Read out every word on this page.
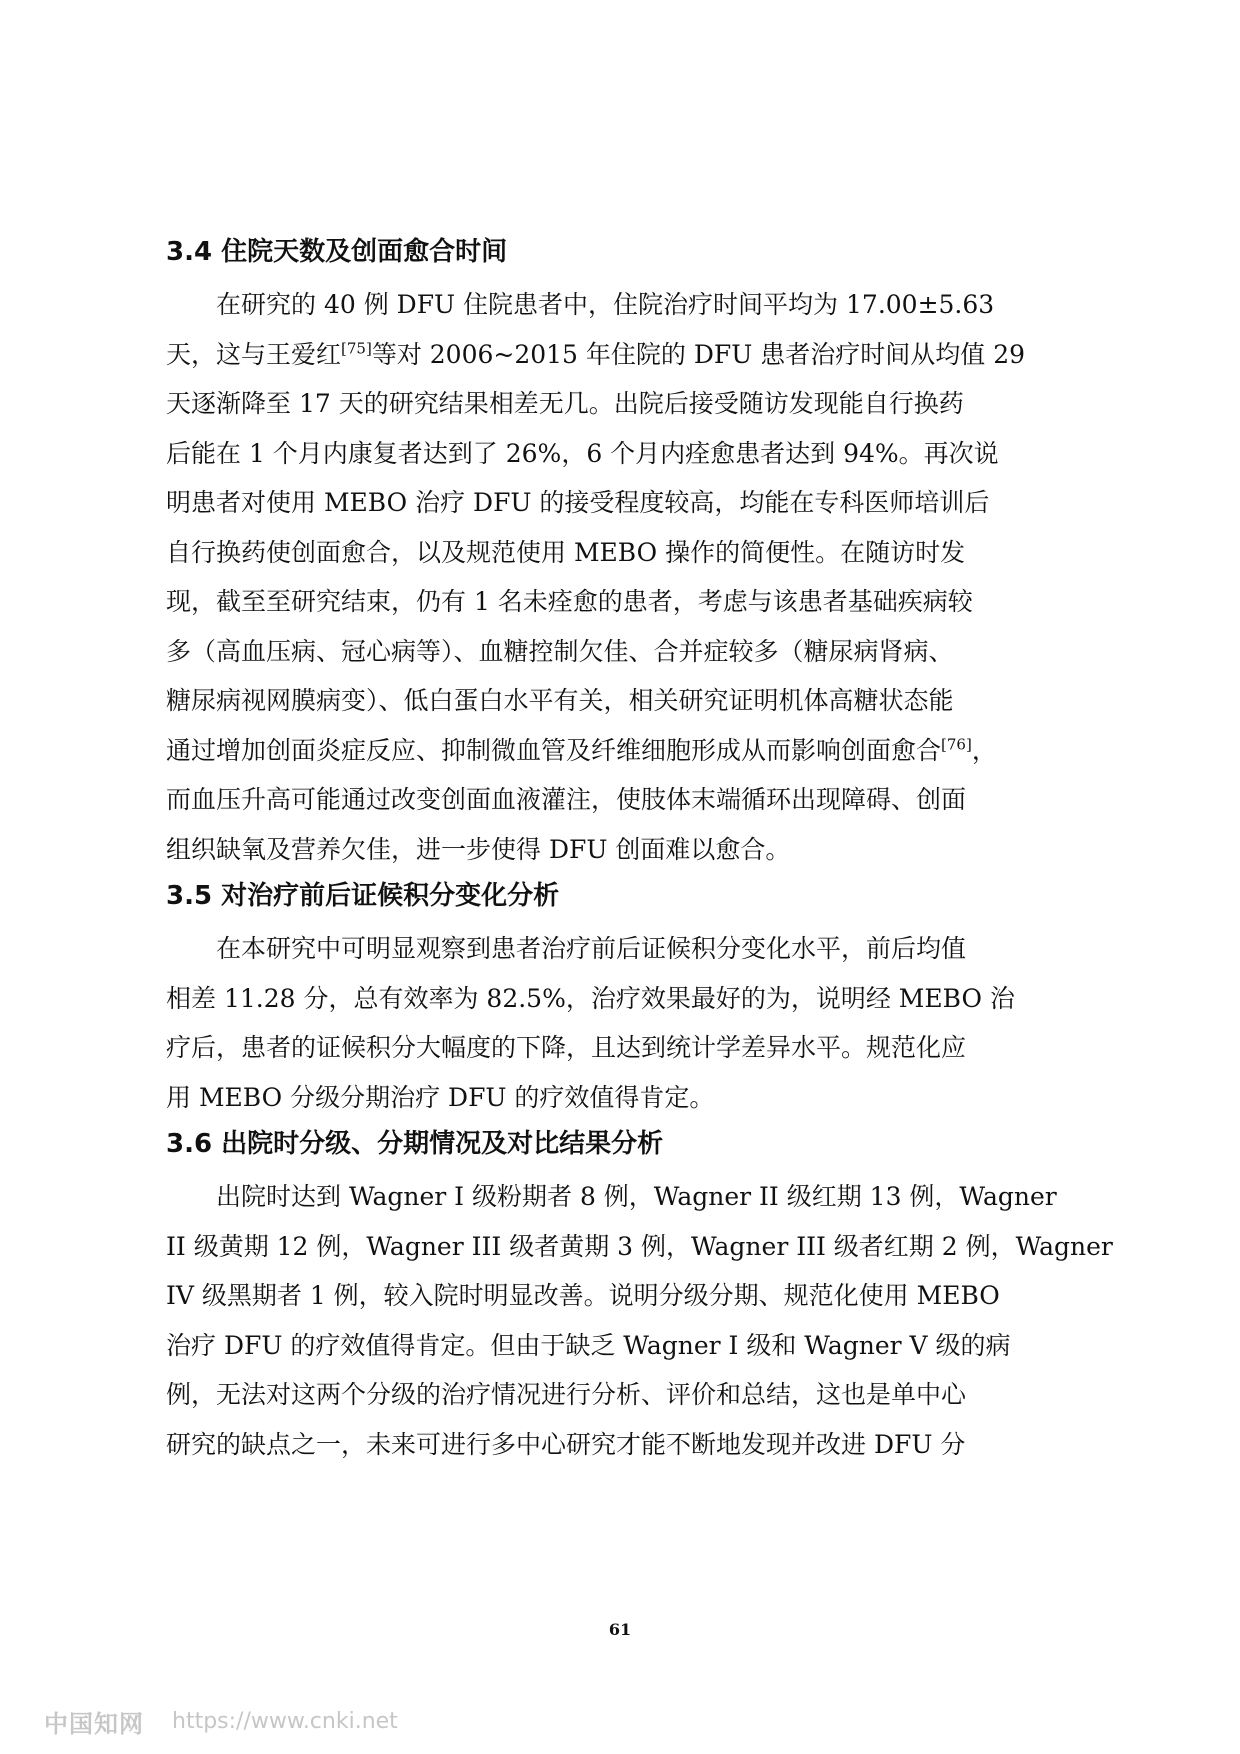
3.4 住院天数及创面愈合时间
在研究的 40 例 DFU 住院患者中，住院治疗时间平均为 17.00±5.63
天，这与王爱红[75]等对 2006~2015 年住院的 DFU 患者治疗时间从均值 29
天逐渐降至 17 天的研究结果相差无几。出院后接受随访发现能自行换药
后能在 1 个月内康复者达到了 26%，6 个月内痊愈患者达到 94%。再次说
明患者对使用 MEBO 治疗 DFU 的接受程度较高，均能在专科医师培训后
自行换药使创面愈合，以及规范使用 MEBO 操作的简便性。在随访时发
现，截至至研究结束，仍有 1 名未痊愈的患者，考虑与该患者基础疾病较
多（高血压病、冠心病等）、血糖控制欠佳、合并症较多（糖尿病肾病、
糖尿病视网膜病变）、低白蛋白水平有关，相关研究证明机体高糖状态能
通过增加创面炎症反应、抑制微血管及纤维细胞形成从而影响创面愈合[76]，
而血压升高可能通过改变创面血液灌注，使肢体末端循环出现障碍、创面
组织缺氧及营养欠佳，进一步使得 DFU 创面难以愈合。
3.5 对治疗前后证候积分变化分析
在本研究中可明显观察到患者治疗前后证候积分变化水平，前后均值
相差 11.28 分，总有效率为 82.5%，治疗效果最好的为，说明经 MEBO 治
疗后，患者的证候积分大幅度的下降，且达到统计学差异水平。规范化应
用 MEBO 分级分期治疗 DFU 的疗效值得肯定。
3.6 出院时分级、分期情况及对比结果分析
出院时达到 Wagner I 级粉期者 8 例，Wagner II 级红期 13 例，Wagner
II 级黄期 12 例，Wagner III 级者黄期 3 例，Wagner III 级者红期 2 例，Wagner
IV 级黑期者 1 例，较入院时明显改善。说明分级分期、规范化使用 MEBO
治疗 DFU 的疗效值得肯定。但由于缺乏 Wagner I 级和 Wagner V 级的病
例，无法对这两个分级的治疗情况进行分析、评价和总结，这也是单中心
研究的缺点之一，未来可进行多中心研究才能不断地发现并改进 DFU 分
61
中国知网 https://www.cnki.net
